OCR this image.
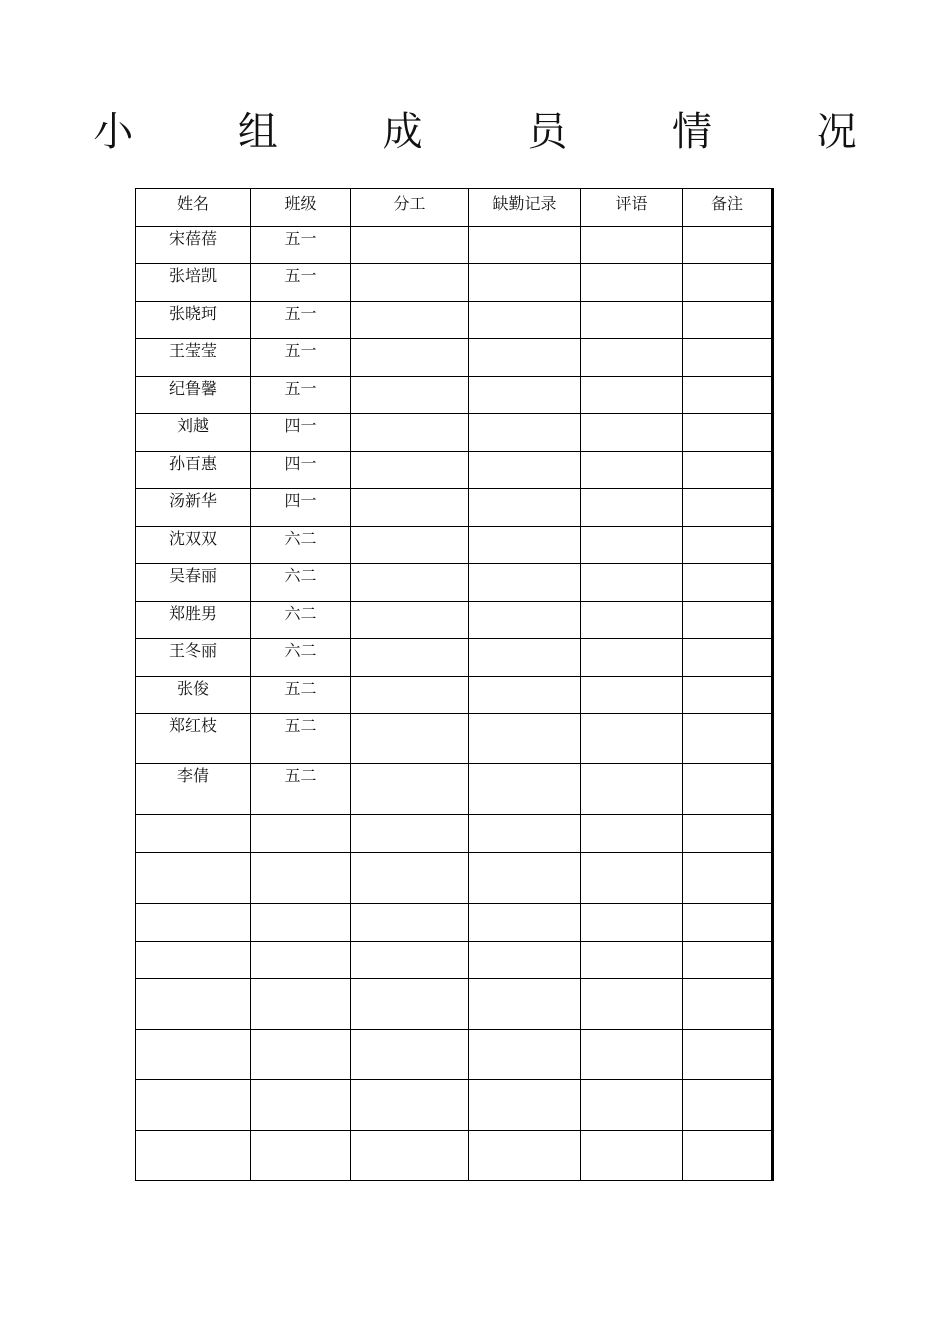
小 组 成 员 情 况
姓名	班级	分工	缺勤记录	评语	备注
宋蓓蓓	五一				
张培凯	五一				
张晓珂	五一				
王莹莹	五一				
纪鲁馨	五一				
刘越	四一				
孙百惠	四一				
汤新华	四一				
沈双双	六二				
吴春丽	六二				
郑胜男	六二				
王冬丽	六二				
张俊	五二				
郑红枝	五二				
李倩	五二				
